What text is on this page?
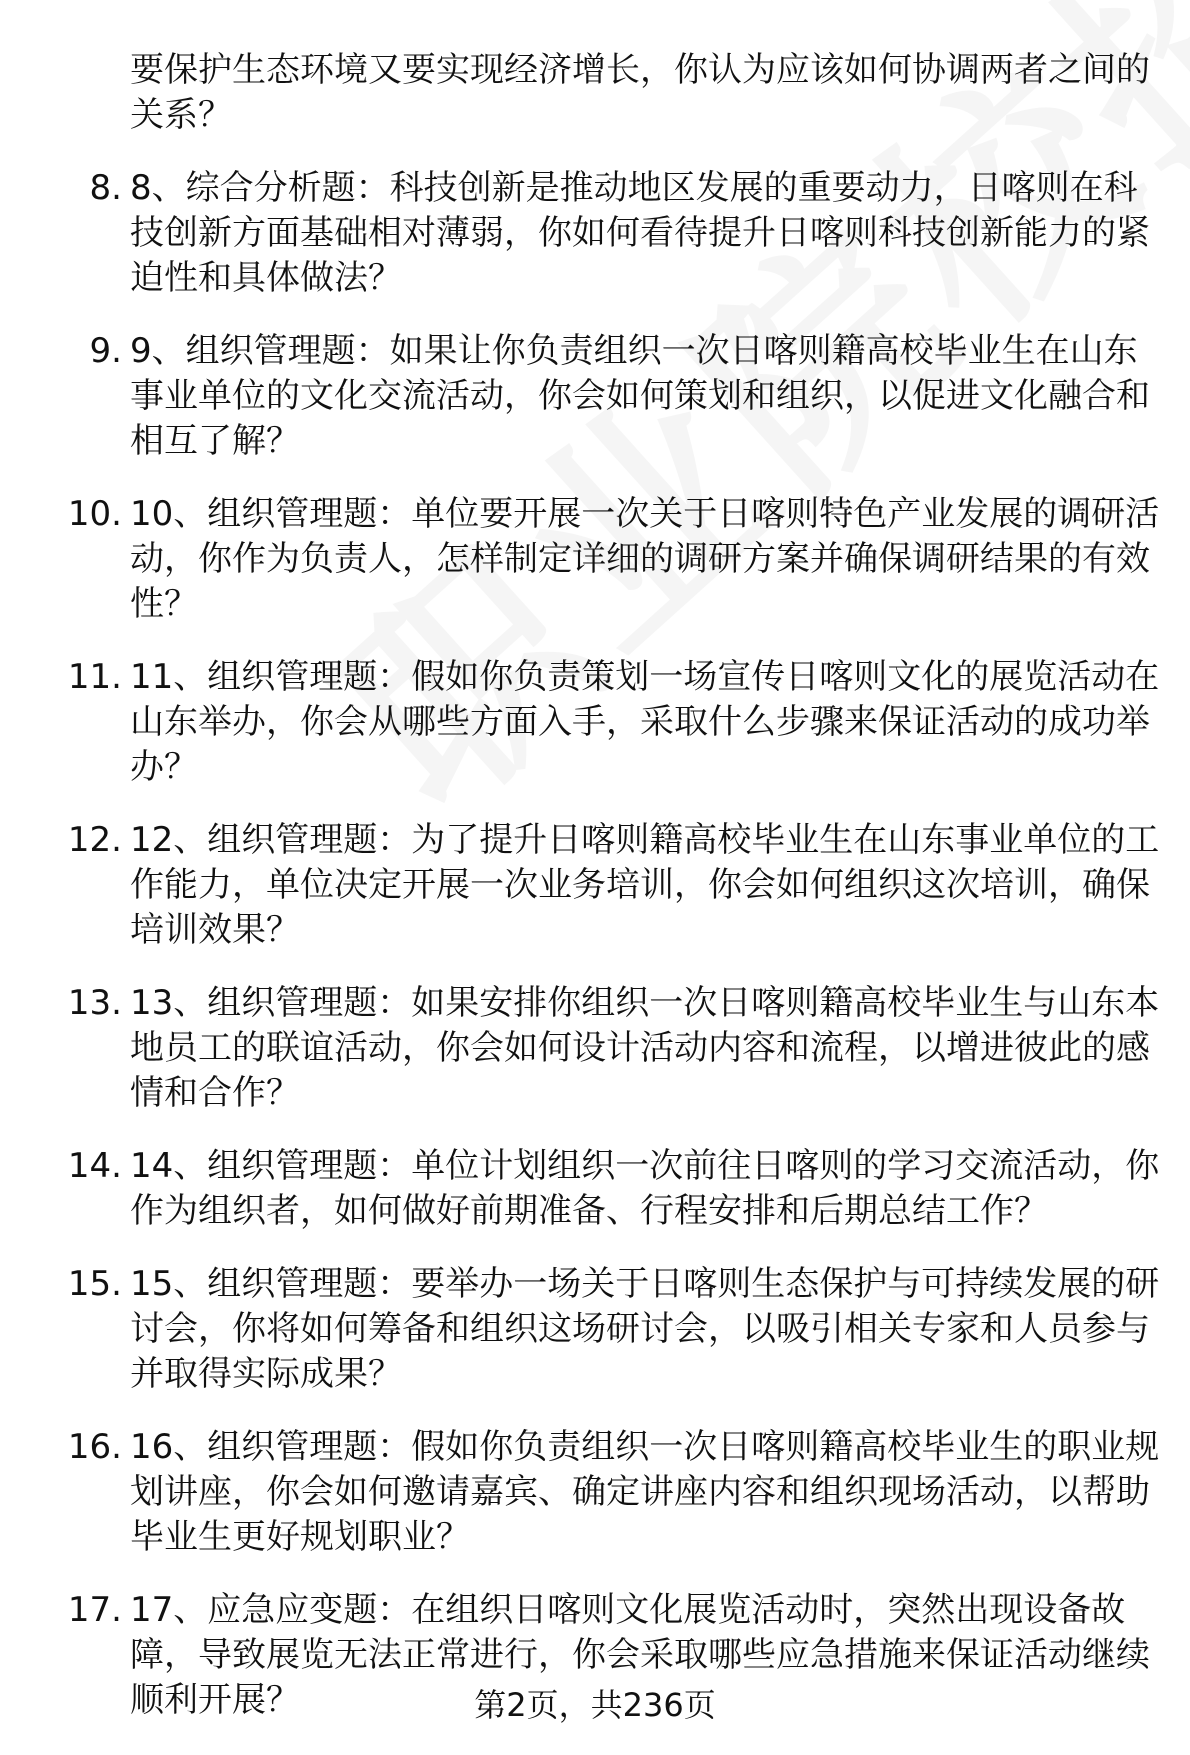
要保护生态环境又要实现经济增长，你认为应该如何协调两者之间的关系？
8. 8、综合分析题：科技创新是推动地区发展的重要动力，日喀则在科技创新方面基础相对薄弱，你如何看待提升日喀则科技创新能力的紧迫性和具体做法？
9. 9、组织管理题：如果让你负责组织一次日喀则籍高校毕业生在山东事业单位的文化交流活动，你会如何策划和组织，以促进文化融合和相互了解？
10. 10、组织管理题：单位要开展一次关于日喀则特色产业发展的调研活动，你作为负责人，怎样制定详细的调研方案并确保调研结果的有效性？
11. 11、组织管理题：假如你负责策划一场宣传日喀则文化的展览活动在山东举办，你会从哪些方面入手，采取什么步骤来保证活动的成功举办？
12. 12、组织管理题：为了提升日喀则籍高校毕业生在山东事业单位的工作能力，单位决定开展一次业务培训，你会如何组织这次培训，确保培训效果？
13. 13、组织管理题：如果安排你组织一次日喀则籍高校毕业生与山东本地员工的联谊活动，你会如何设计活动内容和流程，以增进彼此的感情和合作？
14. 14、组织管理题：单位计划组织一次前往日喀则的学习交流活动，你作为组织者，如何做好前期准备、行程安排和后期总结工作？
15. 15、组织管理题：要举办一场关于日喀则生态保护与可持续发展的研讨会，你将如何筹备和组织这场研讨会，以吸引相关专家和人员参与并取得实际成果？
16. 16、组织管理题：假如你负责组织一次日喀则籍高校毕业生的职业规划讲座，你会如何邀请嘉宾、确定讲座内容和组织现场活动，以帮助毕业生更好规划职业？
17. 17、应急应变题：在组织日喀则文化展览活动时，突然出现设备故障，导致展览无法正常进行，你会采取哪些应急措施来保证活动继续顺利开展？	第2页，共236页
